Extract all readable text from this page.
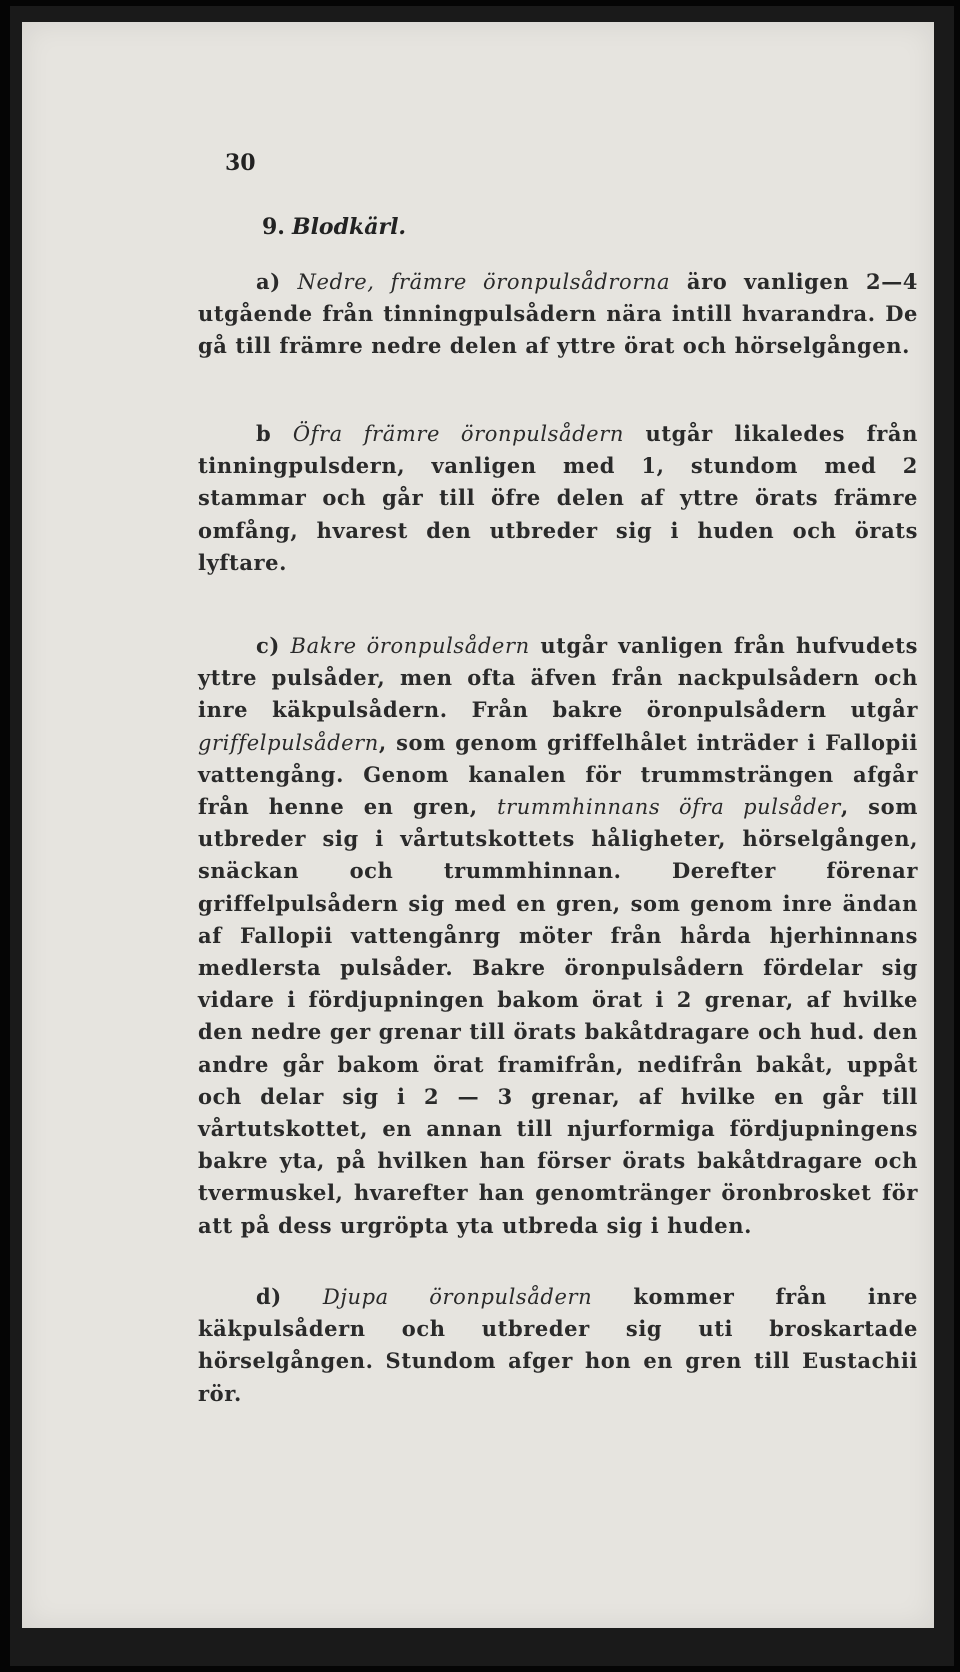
30
9. Blodkärl.

a) Nedre, främre öronpulsådrorna äro vanligen 2—4 utgående från tinningpulsådern nära intill hvarandra. De gå till främre nedre delen af yttre örat och hörselgången.

b Öfra främre öronpulsådern utgår likaledes från tinningpulsdern, vanligen med 1, stundom med 2 stammar och går till öfre delen af yttre örats främre omfång, hvarest den utbreder sig i huden och örats lyftare.

c) Bakre öronpulsådern utgår vanligen från hufvudets yttre pulsåder, men ofta äfven från nackpulsådern och inre käkpulsådern. Från bakre öronpulsådern utgår griffelpulsådern, som genom griffelhålet inträder i Fallopii vattengång. Genom kanalen för trummsträngen afgår från henne en gren, trummhinnans öfra pulsåder, som utbreder sig i vårtutskottets håligheter, hörselgången, snäckan och trummhinnan. Derefter förenar griffelpulsådern sig med en gren, som genom inre ändan af Fallopii vattengånrg möter från hårda hjerhinnans medlersta pulsåder. Bakre öronpulsådern fördelar sig vidare i fördjupningen bakom örat i 2 grenar, af hvilke den nedre ger grenar till örats bakåtdragare och hud. den andre går bakom örat framifrån, nedifrån bakåt, uppåt och delar sig i 2 — 3 grenar, af hvilke en går till vårtutskottet, en annan till njurformiga fördjupningens bakre yta, på hvilken han förser örats bakåtdragare och tvermuskel, hvarefter han genomtränger öronbrosket för att på dess urgröpta yta utbreda sig i huden.

d) Djupa öronpulsådern kommer från inre käkpulsådern och utbreder sig uti broskartade hörselgången. Stundom afger hon en gren till Eustachii rör.
